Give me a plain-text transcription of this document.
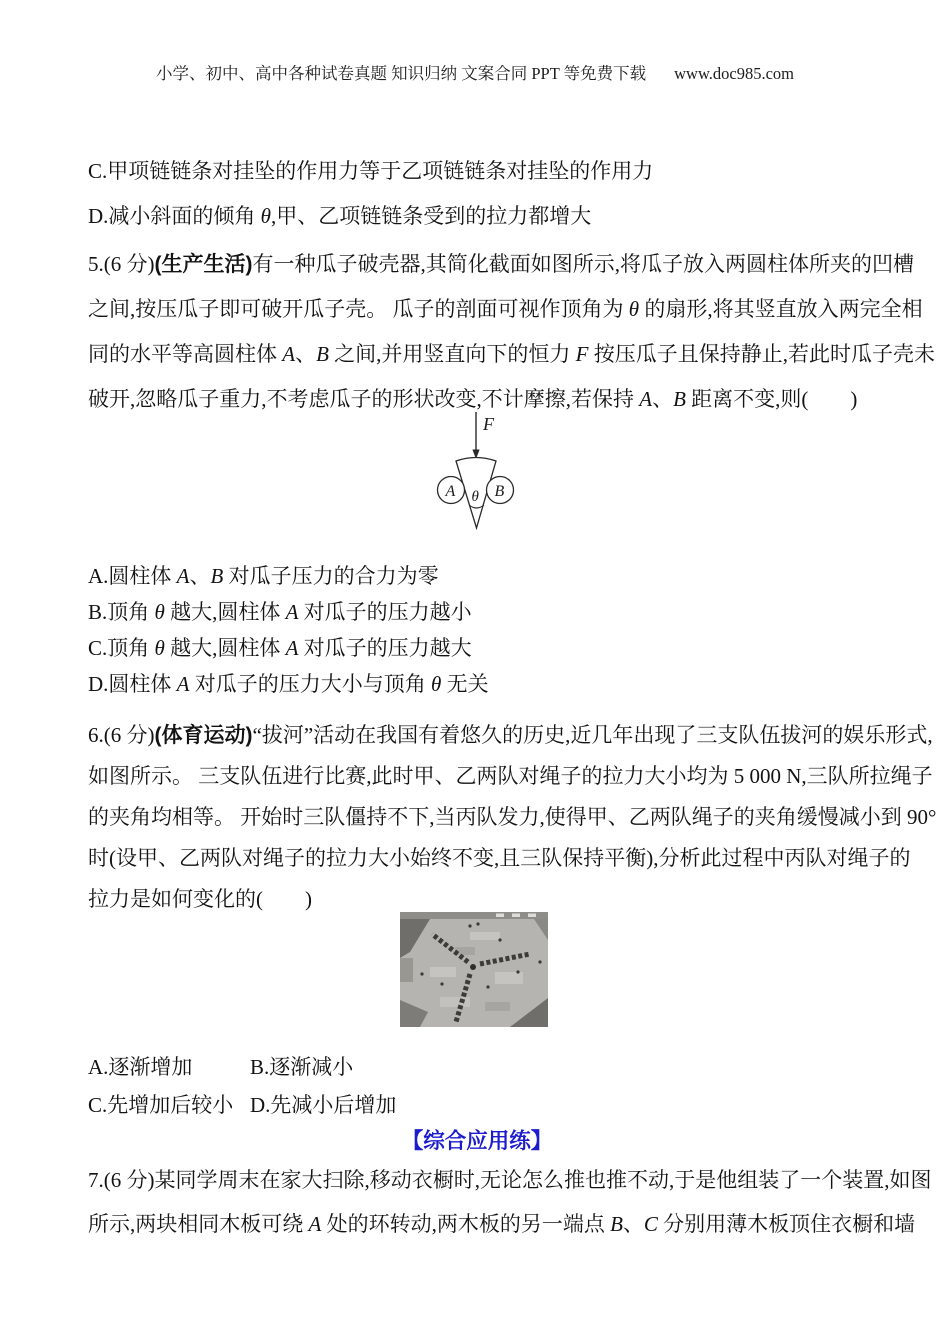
小学、初中、高中各种试卷真题 知识归纳 文案合同 PPT 等免费下载 www.doc985.com

C.甲项链链条对挂坠的作用力等于乙项链链条对挂坠的作用力

D.减小斜面的倾角 θ,甲、乙项链链条受到的拉力都增大

5.(6 分)(生产生活)有一种瓜子破壳器,其简化截面如图所示,将瓜子放入两圆柱体所夹的凹槽

之间,按压瓜子即可破开瓜子壳。 瓜子的剖面可视作顶角为 θ 的扇形,将其竖直放入两完全相

同的水平等高圆柱体 A、B 之间,并用竖直向下的恒力 F 按压瓜子且保持静止,若此时瓜子壳未

破开,忽略瓜子重力,不考虑瓜子的形状改变,不计摩擦,若保持 A、B 距离不变,则(　　)

F
θ
A B

A.圆柱体 A、B 对瓜子压力的合力为零

B.顶角 θ 越大,圆柱体 A 对瓜子的压力越小

C.顶角 θ 越大,圆柱体 A 对瓜子的压力越大

D.圆柱体 A 对瓜子的压力大小与顶角 θ 无关

6.(6 分)(体育运动)“拔河”活动在我国有着悠久的历史,近几年出现了三支队伍拔河的娱乐形式,

如图所示。 三支队伍进行比赛,此时甲、乙两队对绳子的拉力大小均为 5 000 N,三队所拉绳子

的夹角均相等。 开始时三队僵持不下,当丙队发力,使得甲、乙两队绳子的夹角缓慢减小到 90°

时(设甲、乙两队对绳子的拉力大小始终不变,且三队保持平衡),分析此过程中丙队对绳子的

拉力是如何变化的(　　)

A.逐渐增加	B.逐渐减小

C.先增加后较小 D.先减小后增加

【综合应用练】

7.(6 分)某同学周末在家大扫除,移动衣橱时,无论怎么推也推不动,于是他组装了一个装置,如图

所示,两块相同木板可绕 A 处的环转动,两木板的另一端点 B、C 分别用薄木板顶住衣橱和墙
